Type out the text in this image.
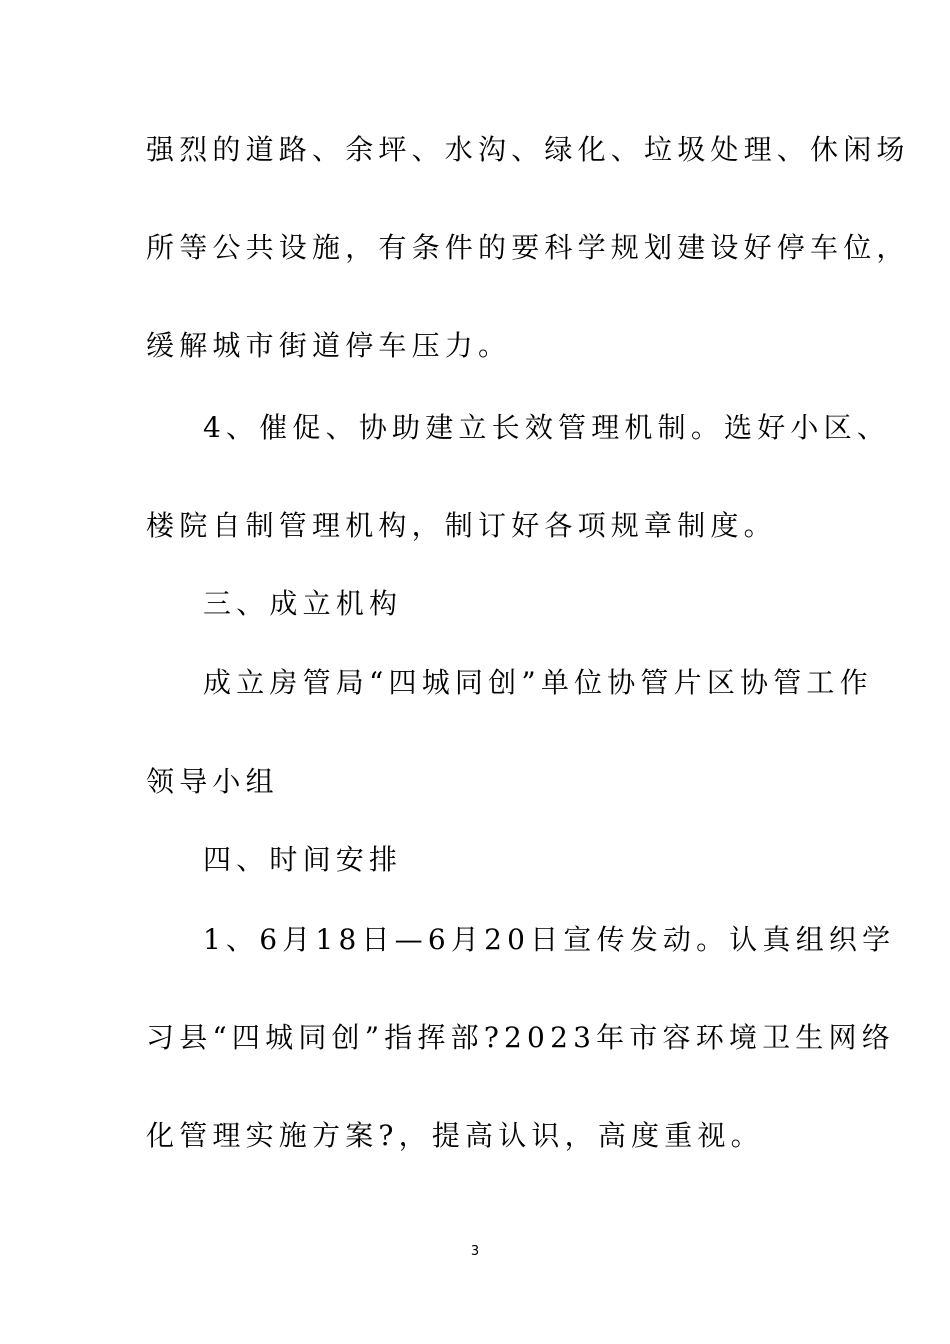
强烈的道路、余坪、水沟、绿化、垃圾处理、休闲场
所等公共设施，有条件的要科学规划建设好停车位，
缓解城市街道停车压力。
4、催促、协助建立长效管理机制。选好小区、
楼院自制管理机构，制订好各项规章制度。
三、成立机构
成立房管局“四城同创”单位协管片区协管工作
领导小组
四、时间安排
1、6月18日—6月20日宣传发动。认真组织学
习县“四城同创”指挥部?2023年市容环境卫生网络
化管理实施方案?，提高认识，高度重视。
3
